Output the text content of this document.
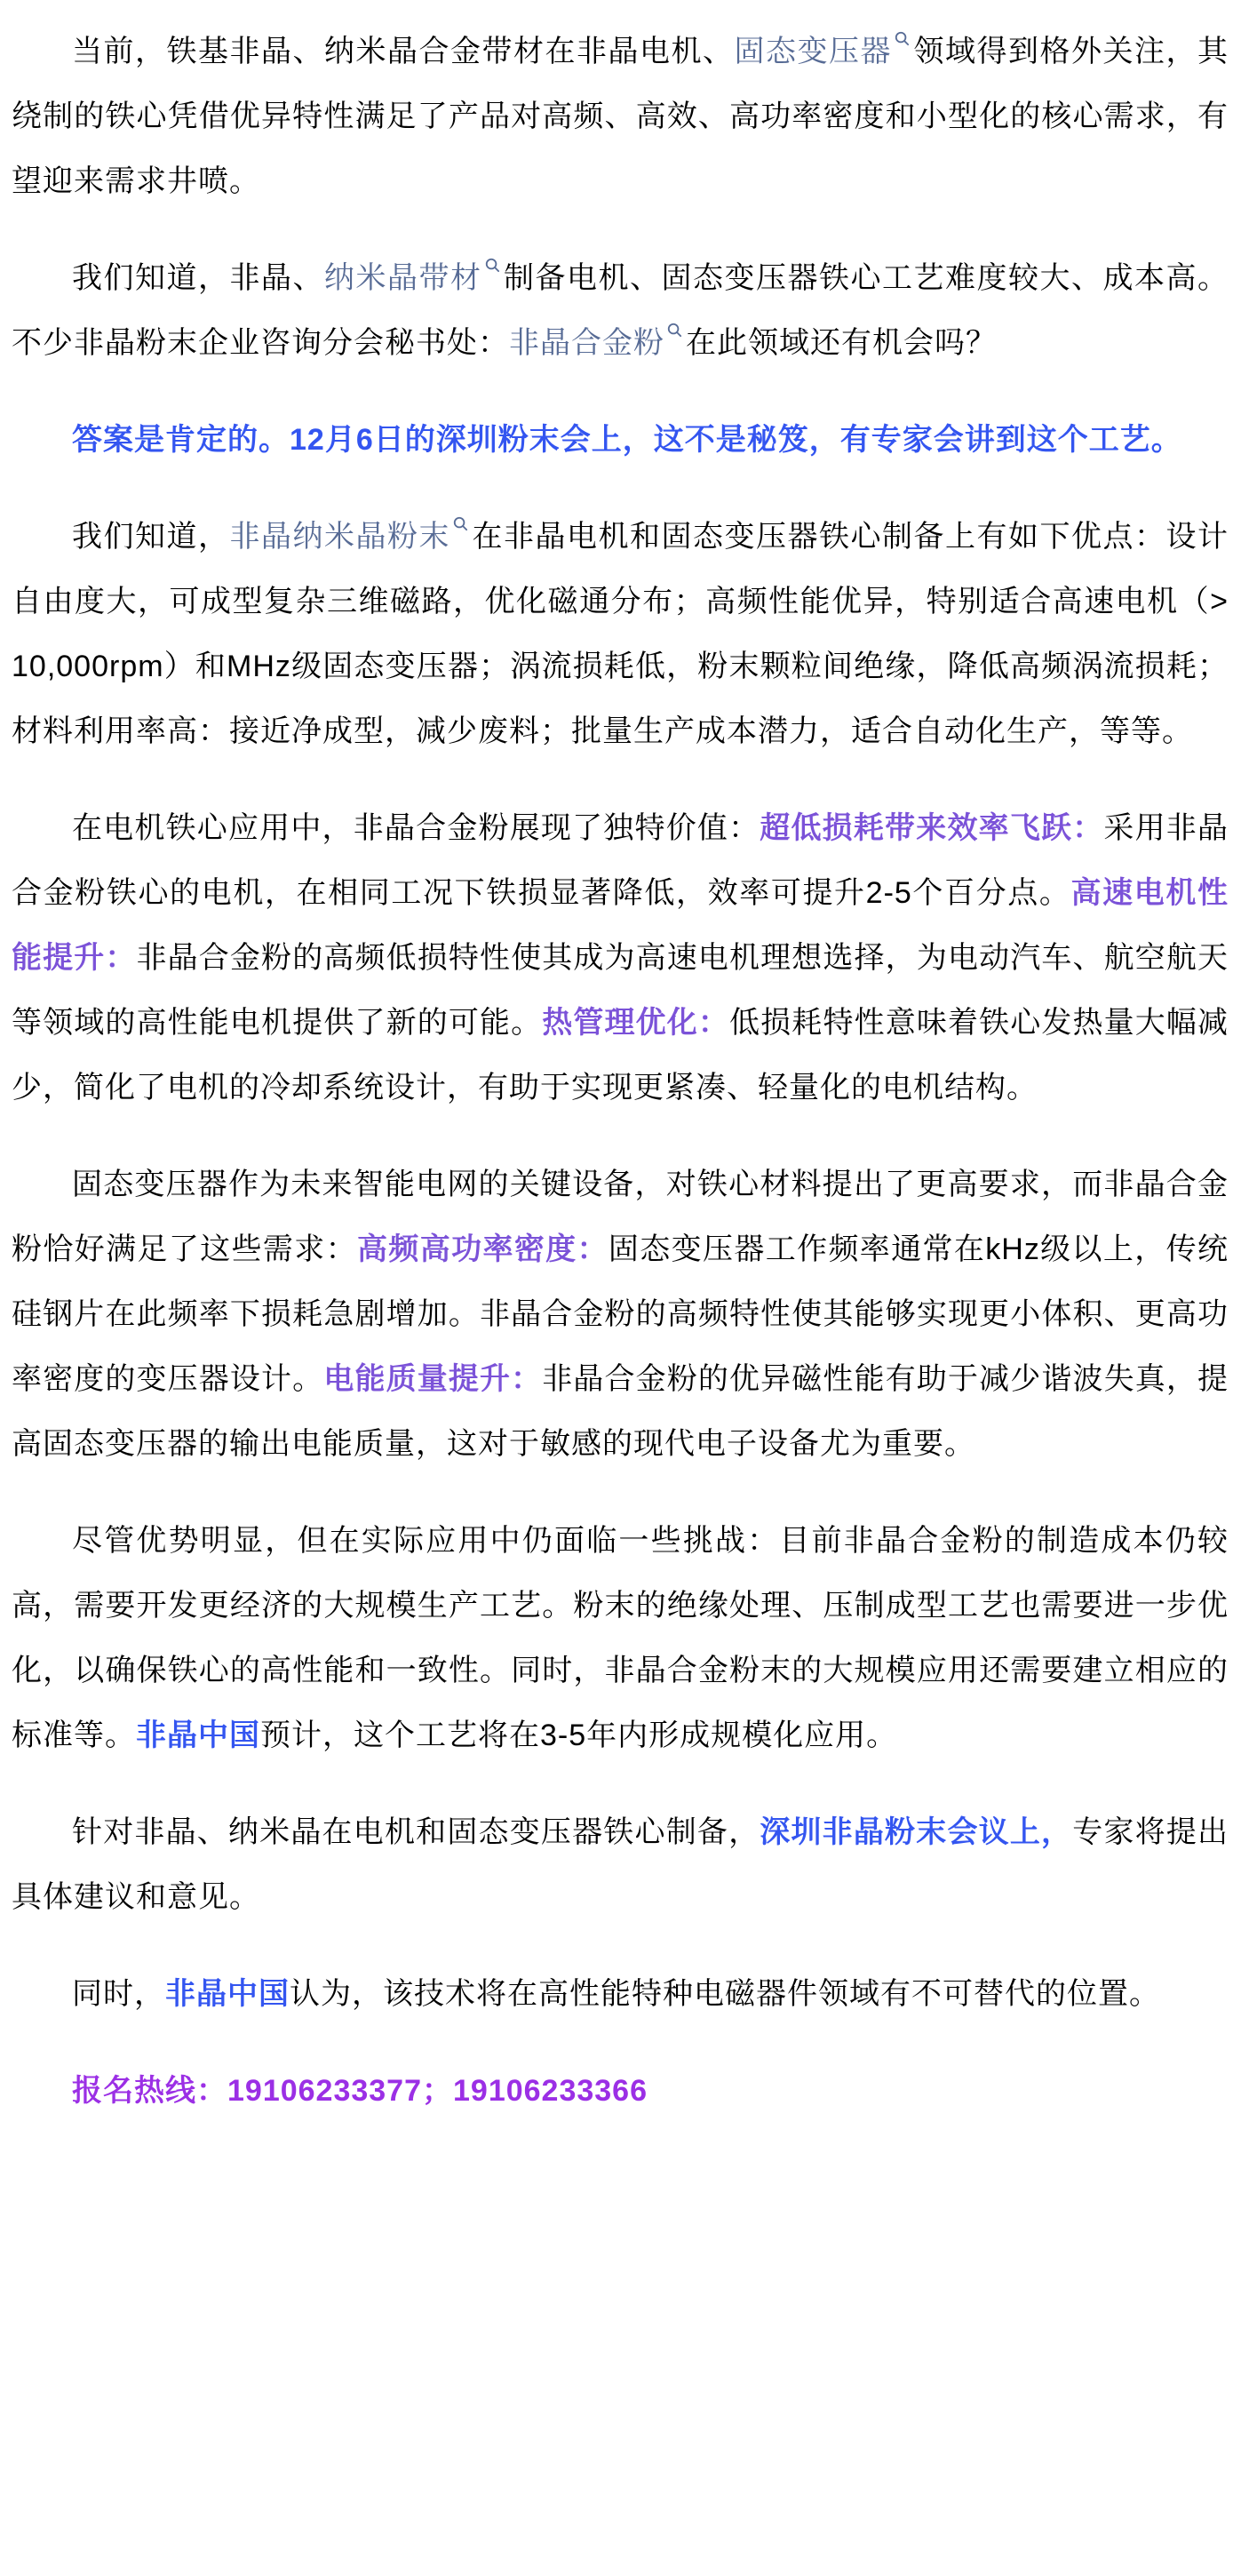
当前，铁基非晶、纳米晶合金带材在非晶电机、固态变压器 领域得到格外关注，其绕制的铁心凭借优异特性满足了产品对高频、高效、高功率密度和小型化的核心需求，有望迎来需求井喷。

我们知道，非晶、纳米晶带材 制备电机、固态变压器铁心工艺难度较大、成本高。不少非晶粉末企业咨询分会秘书处：非晶合金粉 在此领域还有机会吗？

答案是肯定的。12月6日的深圳粉末会上，这不是秘笈，有专家会讲到这个工艺。

我们知道，非晶纳米晶粉末 在非晶电机和固态变压器铁心制备上有如下优点：设计自由度大，可成型复杂三维磁路，优化磁通分布；高频性能优异，特别适合高速电机（>10,000rpm）和MHz级固态变压器；涡流损耗低，粉末颗粒间绝缘，降低高频涡流损耗；材料利用率高：接近净成型，减少废料；批量生产成本潜力，适合自动化生产，等等。

在电机铁心应用中，非晶合金粉展现了独特价值：超低损耗带来效率飞跃：采用非晶合金粉铁心的电机，在相同工况下铁损显著降低，效率可提升2-5个百分点。高速电机性能提升：非晶合金粉的高频低损特性使其成为高速电机理想选择，为电动汽车、航空航天等领域的高性能电机提供了新的可能。热管理优化：低损耗特性意味着铁心发热量大幅减少，简化了电机的冷却系统设计，有助于实现更紧凑、轻量化的电机结构。

固态变压器作为未来智能电网的关键设备，对铁心材料提出了更高要求，而非晶合金粉恰好满足了这些需求：高频高功率密度：固态变压器工作频率通常在kHz级以上，传统硅钢片在此频率下损耗急剧增加。非晶合金粉的高频特性使其能够实现更小体积、更高功率密度的变压器设计。电能质量提升：非晶合金粉的优异磁性能有助于减少谐波失真，提高固态变压器的输出电能质量，这对于敏感的现代电子设备尤为重要。

尽管优势明显，但在实际应用中仍面临一些挑战：目前非晶合金粉的制造成本仍较高，需要开发更经济的大规模生产工艺。粉末的绝缘处理、压制成型工艺也需要进一步优化，以确保铁心的高性能和一致性。同时，非晶合金粉末的大规模应用还需要建立相应的标准等。非晶中国预计，这个工艺将在3-5年内形成规模化应用。

针对非晶、纳米晶在电机和固态变压器铁心制备，深圳非晶粉末会议上，专家将提出具体建议和意见。

同时，非晶中国认为，该技术将在高性能特种电磁器件领域有不可替代的位置。

报名热线：19106233377；19106233366
